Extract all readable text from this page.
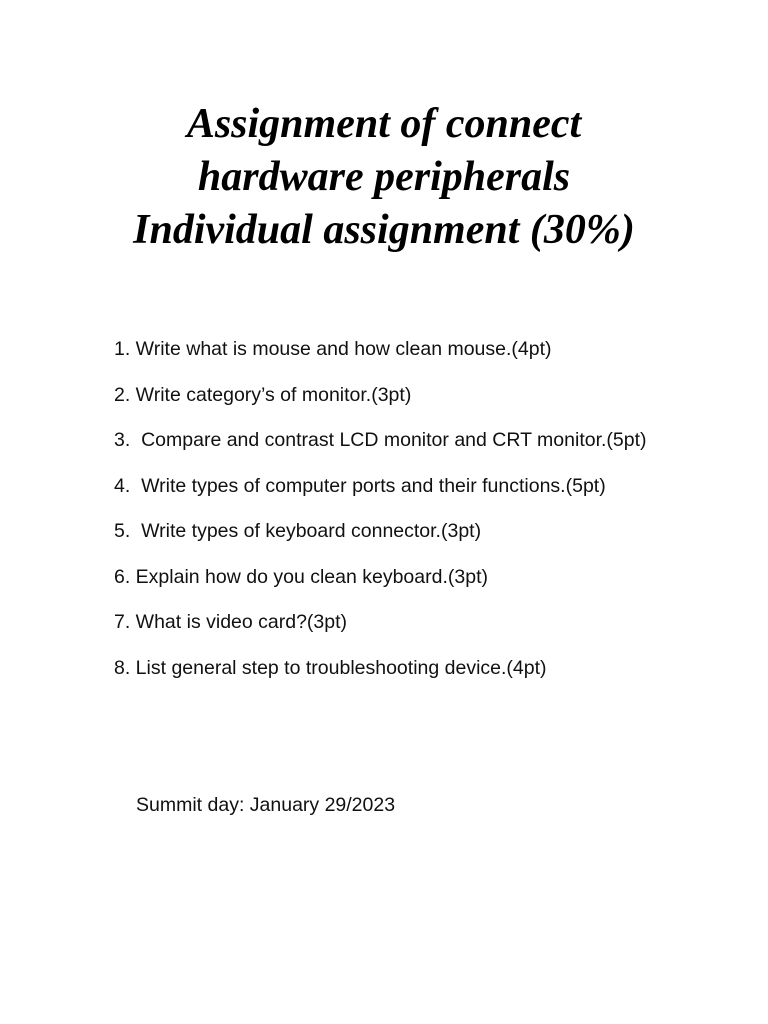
Assignment of connect
hardware peripherals
Individual assignment (30%)
1. Write what is mouse and how clean mouse.(4pt)
2. Write category’s of monitor.(3pt)
3.  Compare and contrast LCD monitor and CRT monitor.(5pt)
4.  Write types of computer ports and their functions.(5pt)
5.  Write types of keyboard connector.(3pt)
6. Explain how do you clean keyboard.(3pt)
7. What is video card?(3pt)
8. List general step to troubleshooting device.(4pt)
Summit day: January 29/2023
